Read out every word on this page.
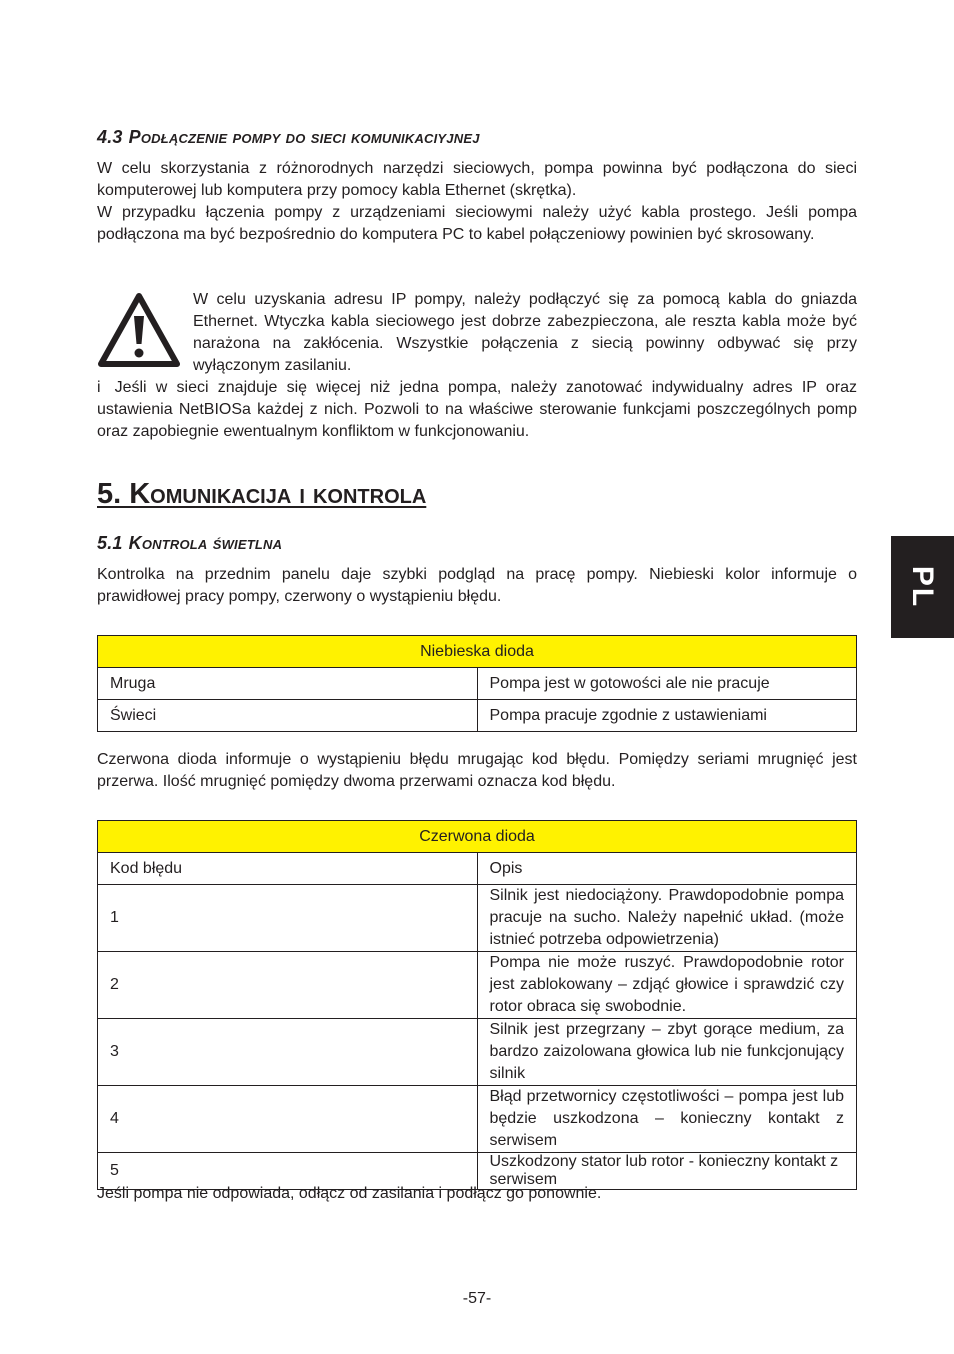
4.3 Podłączenie pompy do sieci komunikaciyjnej

W celu skorzystania z różnorodnych narzędzi sieciowych, pompa powinna być podłączona do sieci komputerowej lub komputera przy pomocy kabla Ethernet (skrętka).

W przypadku łączenia pompy z urządzeniami sieciowymi należy użyć kabla prostego. Jeśli pompa podłączona ma być bezpośrednio do komputera PC to kabel połączeniowy powinien być skrosowany.

W celu uzyskania adresu IP pompy, należy podłączyć się za pomocą kabla do gniazda Ethernet. Wtyczka kabla sieciowego jest dobrze zabezpieczona, ale reszta kabla może być narażona na zakłócenia. Wszystkie połączenia z siecią powinny odbywać się przy wyłączonym zasilaniu.

i Jeśli w sieci znajduje się więcej niż jedna pompa, należy zanotować indywidualny adres IP oraz ustawienia NetBIOSa każdej z nich. Pozwoli to na właściwe sterowanie funkcjami poszczególnych pomp oraz zapobiegnie ewentualnym konfliktom w funkcjonowaniu.

5. Komunikacija i kontrola
5.1 Kontrola świetlna

Kontrolka na przednim panelu daje szybki podgląd na pracę pompy. Niebieski kolor informuje o prawidłowej pracy pompy, czerwony o wystąpieniu błędu.

Niebieska dioda	
Mruga	Pompa jest w gotowości ale nie pracuje
Świeci	Pompa pracuje zgodnie z ustawieniami

Czerwona dioda informuje o wystąpieniu błędu mrugając kod błędu. Pomiędzy seriami mrugnięć jest przerwa. Ilość mrugnięć pomiędzy dwoma przerwami oznacza kod błędu.

Czerwona dioda	
Kod błędu	Opis
1	Silnik jest niedociążony. Prawdopodobnie pompa pracuje na sucho. Należy napełnić układ. (może istnieć potrzeba odpowietrzenia)
2	Pompa nie może ruszyć. Prawdopodobnie rotor jest zablokowany – zdjąć głowice i sprawdzić czy rotor obraca się swobodnie.
3	Silnik jest przegrzany – zbyt gorące medium, za bardzo zaizolowana głowica lub nie funkcjonujący silnik
4	Błąd przetwornicy częstotliwości – pompa jest lub będzie uszkodzona – konieczny kontakt z serwisem
5	Uszkodzony stator lub rotor - konieczny kontakt z serwisem

Jeśli pompa nie odpowiada, odłącz od zasilania i podłącz go ponownie.

PL
-57-
